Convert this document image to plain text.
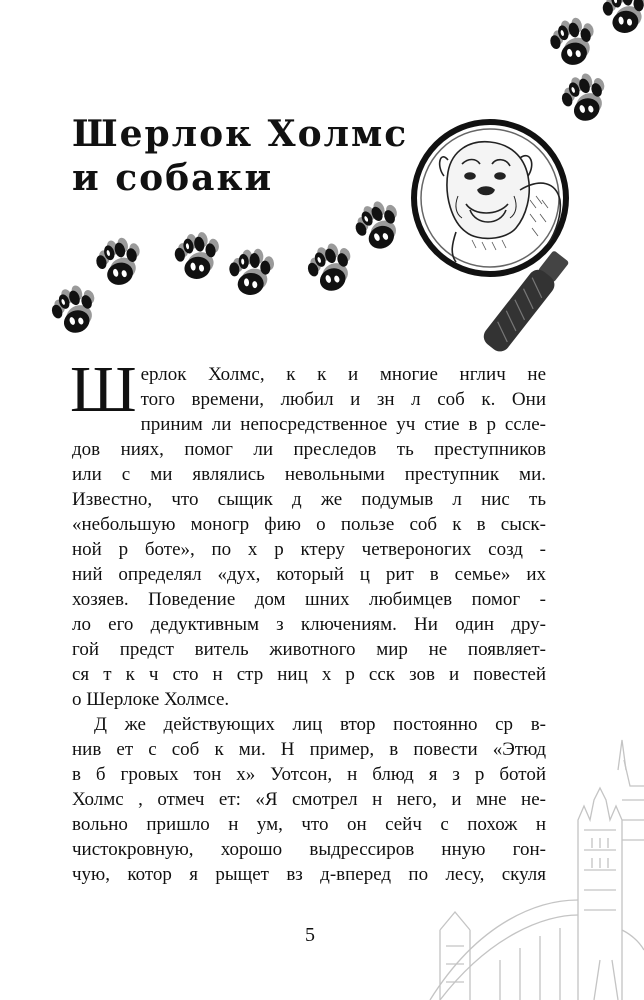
Шерлок Холмс
и собаки
Ш ерлок Холмс, к к и многие нглич не
того времени, любил и зн л соб к. Они
приним ли непосредственное уч стие в р сслe-
дов ниях, помог ли преследов ть преступников
или с ми являлись невольными преступник ми.
Известно, что сыщик д же подумыв л нис ть
«небольшую моногр фию о пользе соб к в сыск-
ной р боте», по х р ктеру четвероногих созд -
ний определял «дух, который ц рит в семье» их
хозяев. Поведение дом шних любимцев помог -
ло его дедуктивным з ключениям. Ни один дру-
гой предст витель животного мир не появляет-
ся т к ч сто н стр ниц х р сск зов и повестей
о Шерлоке Холмсе.
Д же действующих лиц втор постоянно ср в-
нив ет с соб к ми. Н пример, в повести «Этюд
в б гровых тон х» Уотсон, н блюд я з р ботой
Холмс , отмеч ет: «Я смотрел н него, и мне не-
вольно пришло н ум, что он сейч с похож н
чистокровную, хорошо выдрессиров нную гон-
чую, котор я рыщет вз д-вперед по лесу, скуля
5
